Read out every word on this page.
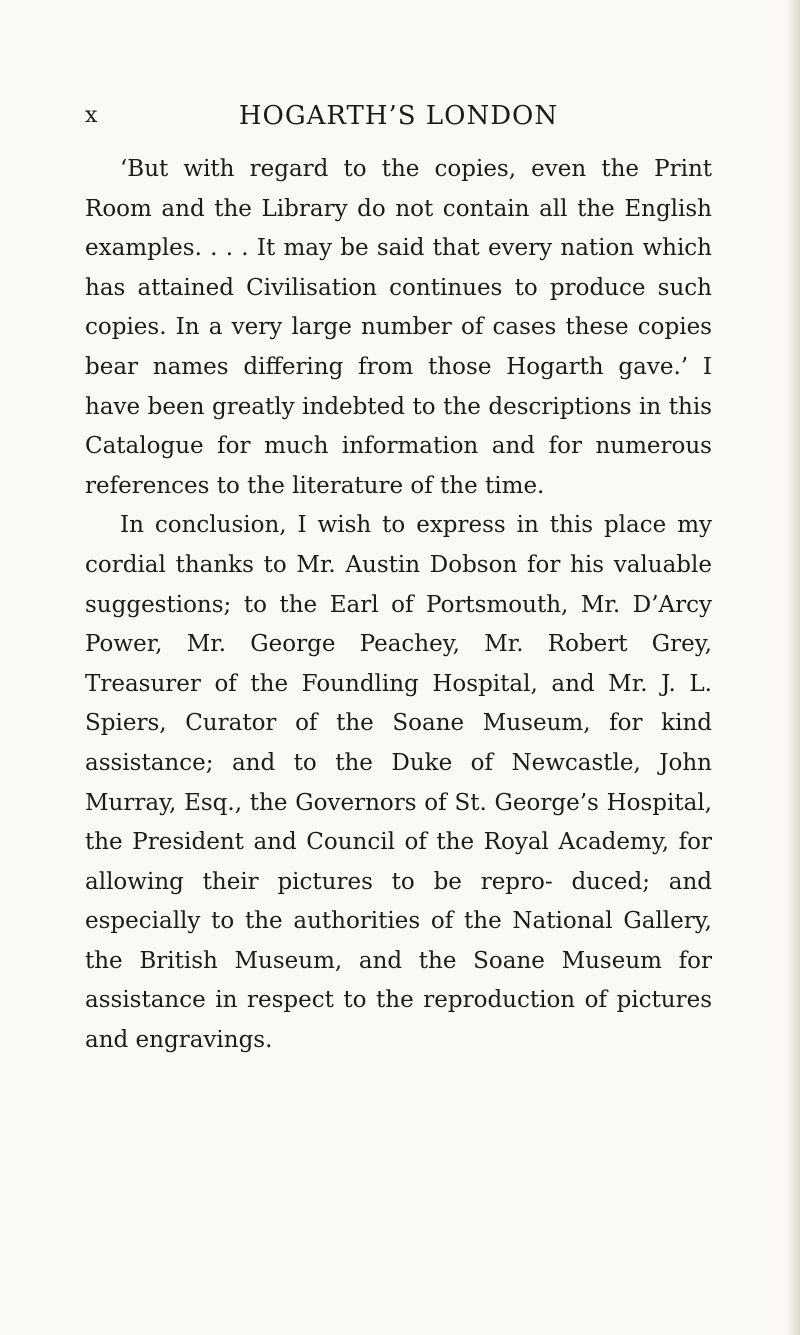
x	HOGARTH’S LONDON

‘But with regard to the copies, even the Print Room and the Library do not contain all the English examples. . . . It may be said that every nation which has attained Civilisation continues to produce such copies. In a very large number of cases these copies bear names differing from those Hogarth gave.’ I have been greatly indebted to the descriptions in this Catalogue for much information and for numerous references to the literature of the time.

In conclusion, I wish to express in this place my cordial thanks to Mr. Austin Dobson for his valuable suggestions; to the Earl of Portsmouth, Mr. D’Arcy Power, Mr. George Peachey, Mr. Robert Grey, Treasurer of the Foundling Hospital, and Mr. J. L. Spiers, Curator of the Soane Museum, for kind assistance; and to the Duke of Newcastle, John Murray, Esq., the Governors of St. George’s Hospital, the President and Council of the Royal Academy, for allowing their pictures to be repro- duced; and especially to the authorities of the National Gallery, the British Museum, and the Soane Museum for assistance in respect to the reproduction of pictures and engravings.
